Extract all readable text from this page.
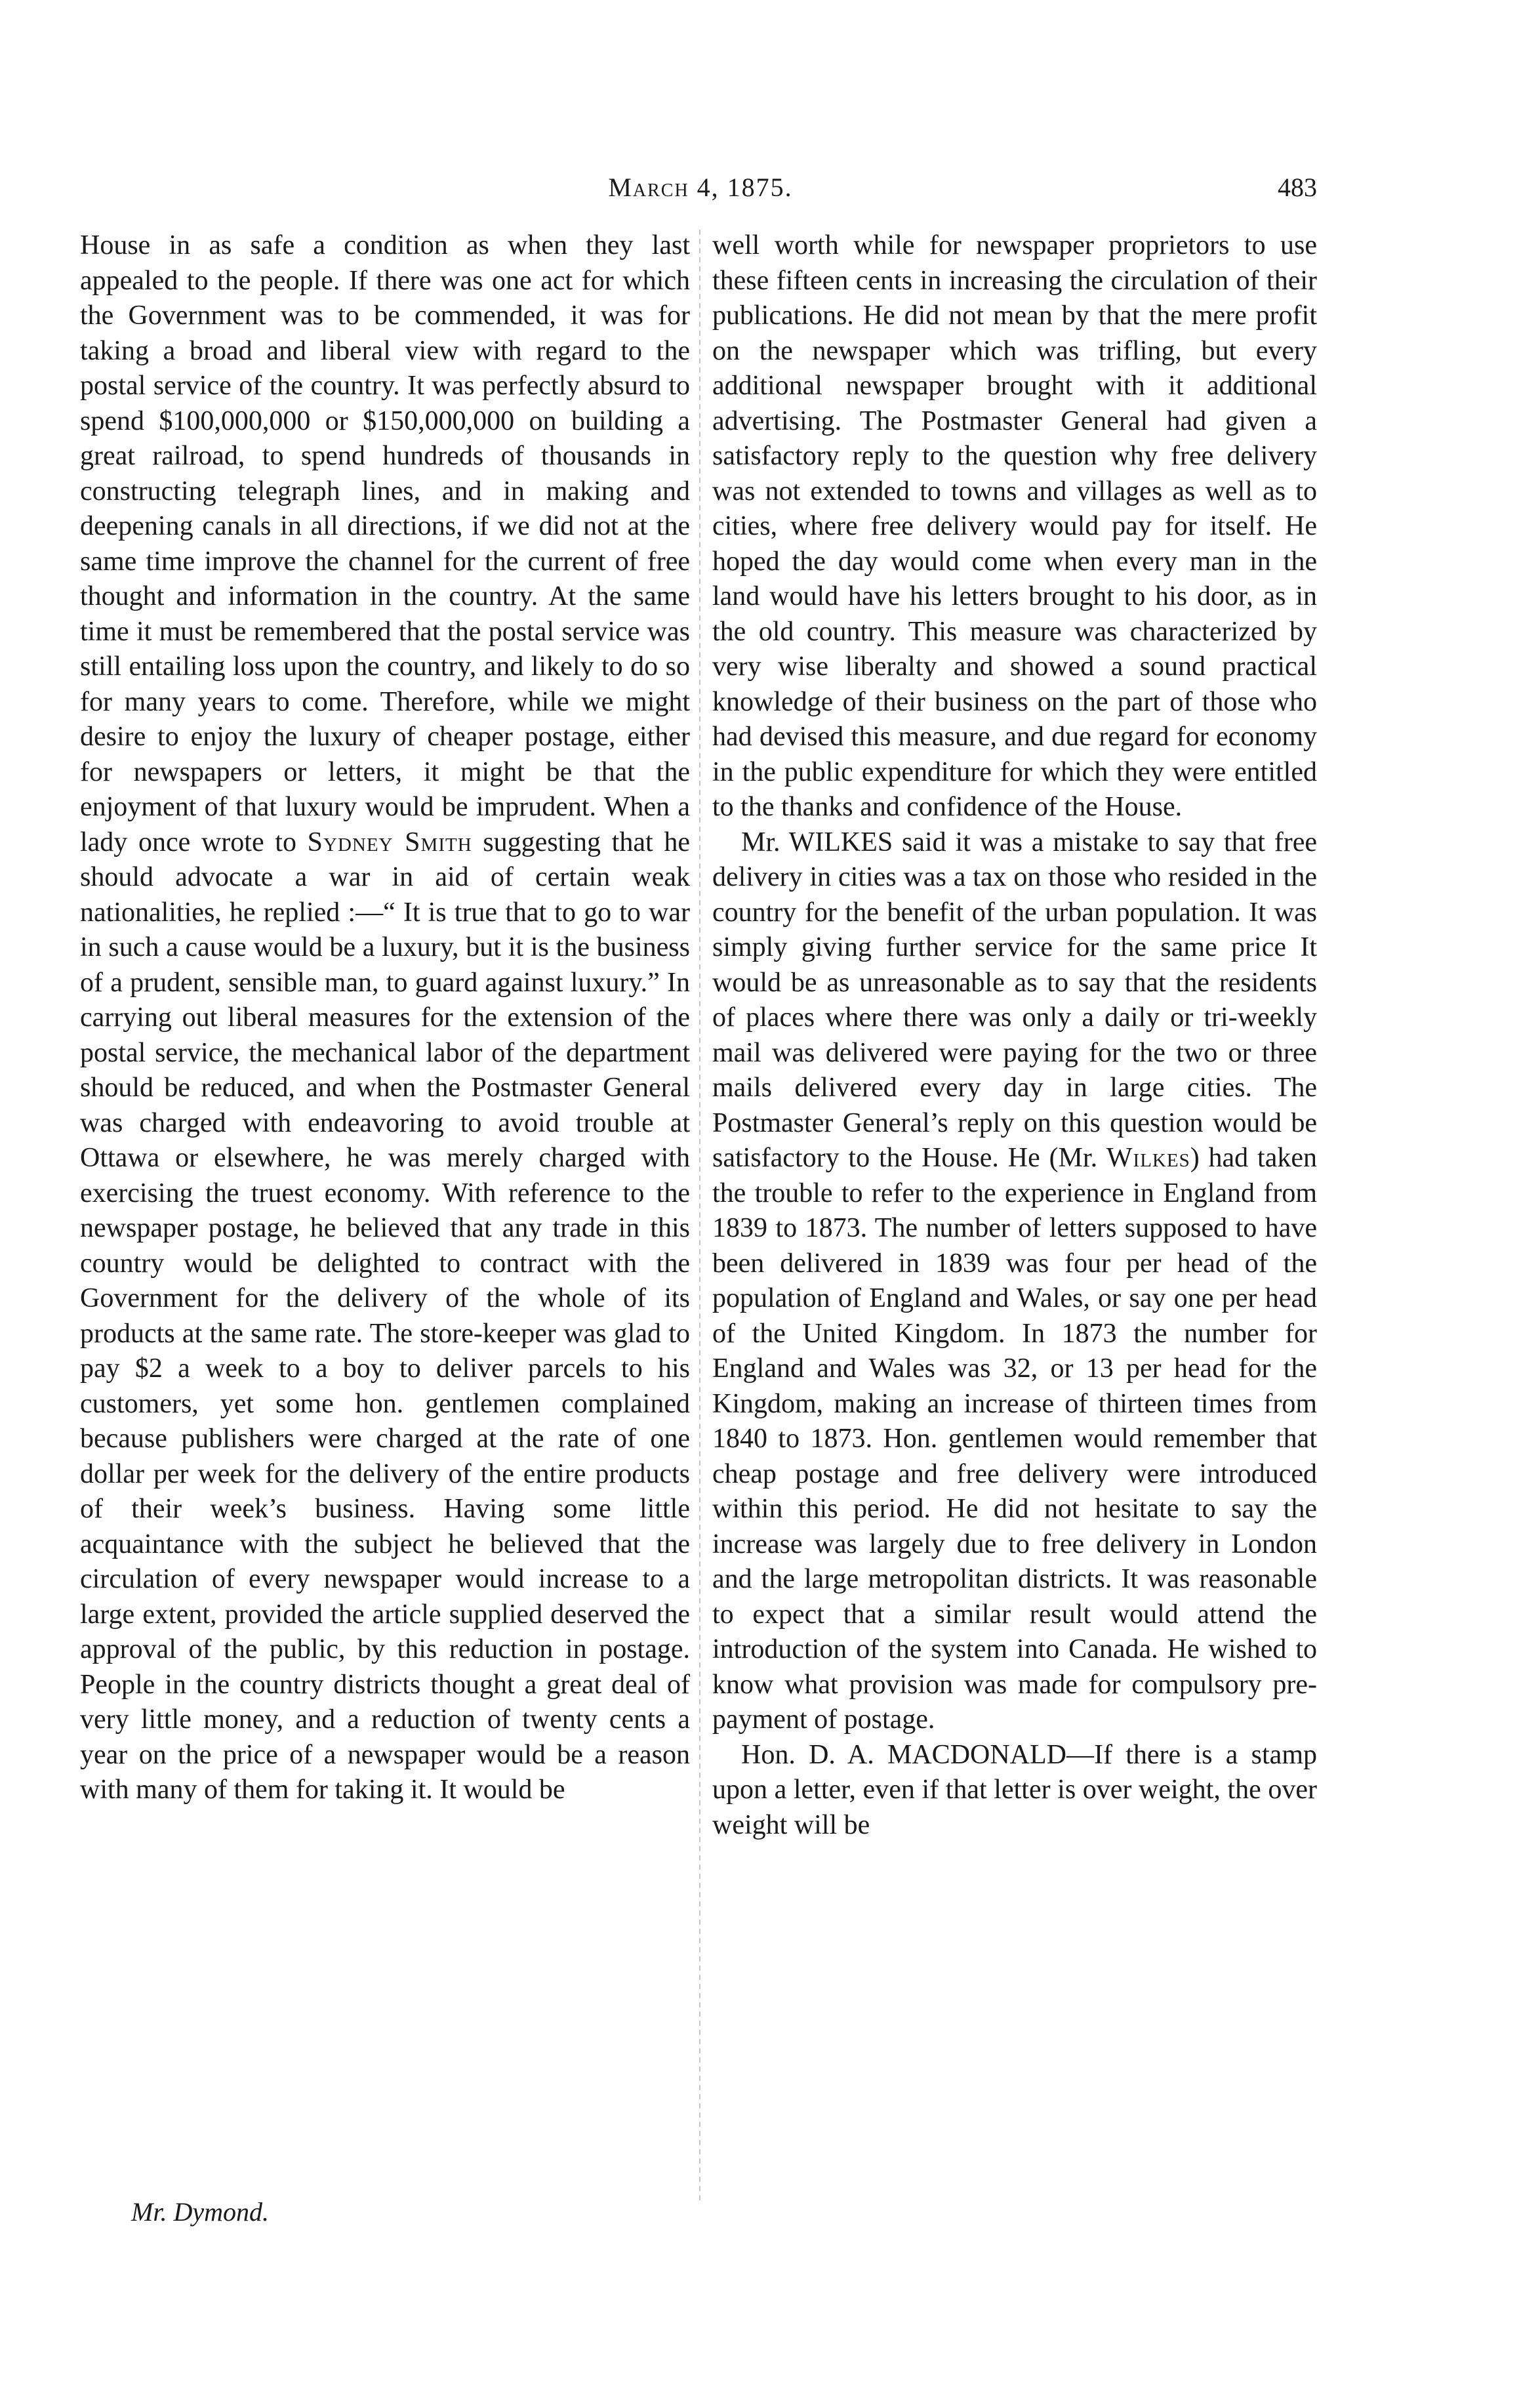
March 4, 1875.	483

House in as safe a condition as when they last appealed to the people. If there was one act for which the Government was to be commended, it was for taking a broad and liberal view with regard to the postal service of the country. It was perfectly absurd to spend $100,000,000 or $150,000,000 on building a great railroad, to spend hundreds of thousands in constructing telegraph lines, and in making and deepening canals in all directions, if we did not at the same time improve the channel for the current of free thought and information in the country. At the same time it must be remembered that the postal service was still entailing loss upon the country, and likely to do so for many years to come. Therefore, while we might desire to enjoy the luxury of cheaper postage, either for newspapers or letters, it might be that the enjoyment of that luxury would be imprudent. When a lady once wrote to Sydney Smith suggesting that he should advocate a war in aid of certain weak nationalities, he replied :—“ It is true that to go to war in such a cause would be a luxury, but it is the business of a prudent, sensible man, to guard against luxury.” In carrying out liberal measures for the extension of the postal service, the mechanical labor of the department should be reduced, and when the Postmaster General was charged with endeavoring to avoid trouble at Ottawa or elsewhere, he was merely charged with exercising the truest economy. With reference to the newspaper postage, he believed that any trade in this country would be delighted to contract with the Government for the delivery of the whole of its products at the same rate. The store-keeper was glad to pay $2 a week to a boy to deliver parcels to his customers, yet some hon. gentlemen complained because publishers were charged at the rate of one dollar per week for the delivery of the entire products of their week’s business. Having some little acquaintance with the subject he believed that the circulation of every newspaper would increase to a large extent, provided the article supplied deserved the approval of the public, by this reduction in postage. People in the country districts thought a great deal of very little money, and a reduction of twenty cents a year on the price of a newspaper would be a reason with many of them for taking it. It would be

well worth while for newspaper proprietors to use these fifteen cents in increasing the circulation of their publications. He did not mean by that the mere profit on the newspaper which was trifling, but every additional newspaper brought with it additional advertising. The Postmaster General had given a satisfactory reply to the question why free delivery was not extended to towns and villages as well as to cities, where free delivery would pay for itself. He hoped the day would come when every man in the land would have his letters brought to his door, as in the old country. This measure was characterized by very wise liberalty and showed a sound practical knowledge of their business on the part of those who had devised this measure, and due regard for economy in the public expenditure for which they were entitled to the thanks and confidence of the House.

Mr. WILKES said it was a mistake to say that free delivery in cities was a tax on those who resided in the country for the benefit of the urban population. It was simply giving further service for the same price It would be as unreasonable as to say that the residents of places where there was only a daily or tri-weekly mail was delivered were paying for the two or three mails delivered every day in large cities. The Postmaster General’s reply on this question would be satisfactory to the House. He (Mr. Wilkes) had taken the trouble to refer to the experience in England from 1839 to 1873. The number of letters supposed to have been delivered in 1839 was four per head of the population of England and Wales, or say one per head of the United Kingdom. In 1873 the number for England and Wales was 32, or 13 per head for the Kingdom, making an increase of thirteen times from 1840 to 1873. Hon. gentlemen would remember that cheap postage and free delivery were introduced within this period. He did not hesitate to say the increase was largely due to free delivery in London and the large metropolitan districts. It was reasonable to expect that a similar result would attend the introduction of the system into Canada. He wished to know what provision was made for compulsory pre-payment of postage.

Hon. D. A. MACDONALD—If there is a stamp upon a letter, even if that letter is over weight, the over weight will be

Mr. Dymond.
